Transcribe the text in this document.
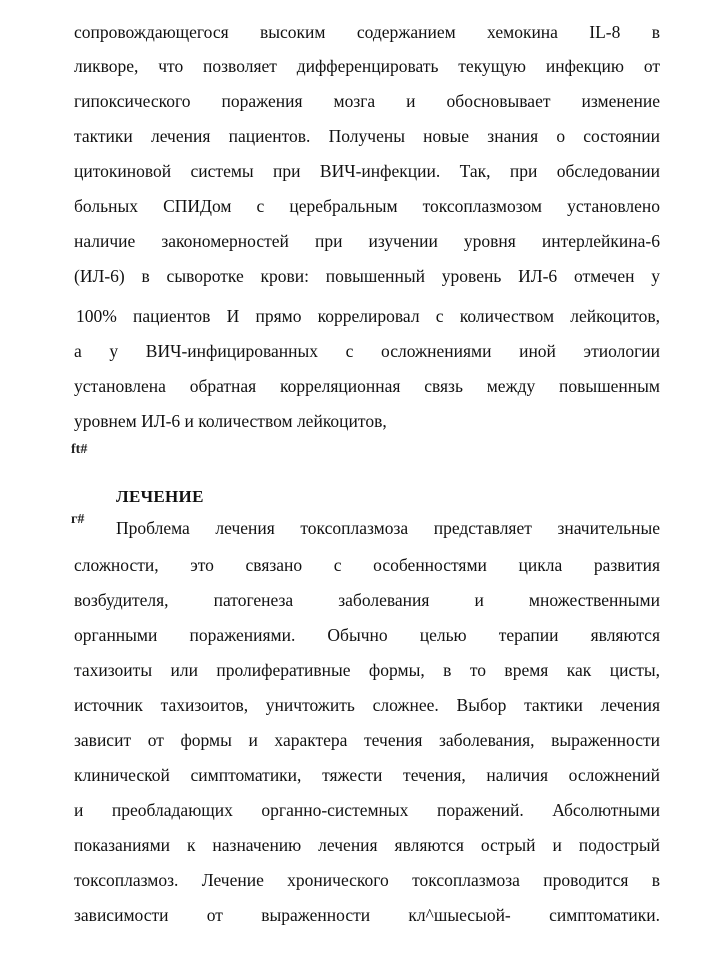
сопровождающегося высоким содержанием хемокина IL-8 в
ликворе, что позволяет дифференцировать текущую инфекцию от
гипоксического поражения мозга и обосновывает изменение
тактики лечения пациентов. Получены новые знания о состоянии
цитокиновой системы при ВИЧ-инфекции. Так, при обследовании
больных СПИДом с церебральным токсоплазмозом установлено
наличие закономерностей при изучении уровня интерлейкина-6
(ИЛ-6) в сыворотке крови: повышенный уровень ИЛ-6 отмечен у
100% пациентов И прямо коррелировал с количеством лейкоцитов,
а у ВИЧ-инфицированных с осложнениями иной этиологии
установлена обратная корреляционная связь между повышенным
уровнем ИЛ-6 и количеством лейкоцитов,
ft#
ЛЕЧЕНИЕ
г# Проблема лечения токсоплазмоза представляет значительные
сложности, это связано с особенностями цикла развития
возбудителя, патогенеза заболевания и множественными
органными поражениями. Обычно целью терапии являются
тахизоиты или пролиферативные формы, в то время как цисты,
источник тахизоитов, уничтожить сложнее. Выбор тактики лечения
зависит от формы и характера течения заболевания, выраженности
клинической симптоматики, тяжести течения, наличия осложнений
и преобладающих органно-системных поражений. Абсолютными
показаниями к назначению лечения являются острый и подострый
токсоплазмоз. Лечение хронического токсоплазмоза проводится в
зависимости от выраженности кл^шыесыой- симптоматики.
